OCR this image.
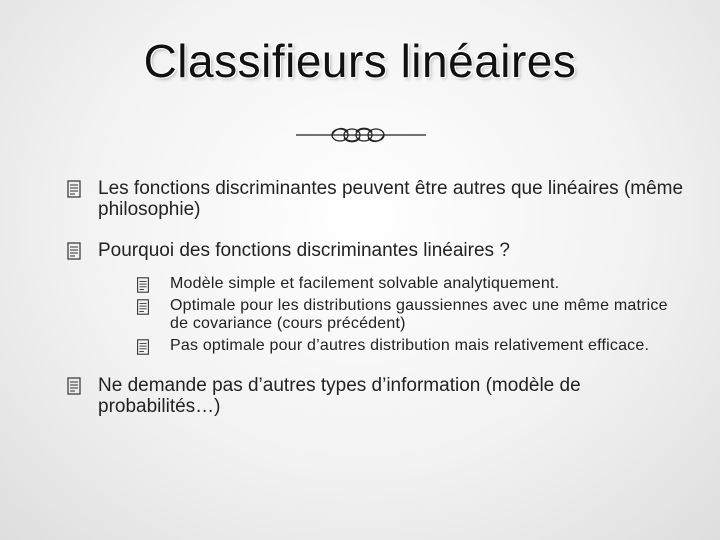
Classifieurs linéaires
Les fonctions discriminantes peuvent être autres que linéaires (même philosophie)
Pourquoi des fonctions discriminantes linéaires ?
Modèle simple et facilement solvable analytiquement.
Optimale pour les distributions gaussiennes avec une même matrice de covariance (cours précédent)
Pas optimale pour d’autres distribution mais relativement efficace.
Ne demande pas d’autres types d’information (modèle de probabilités…)
